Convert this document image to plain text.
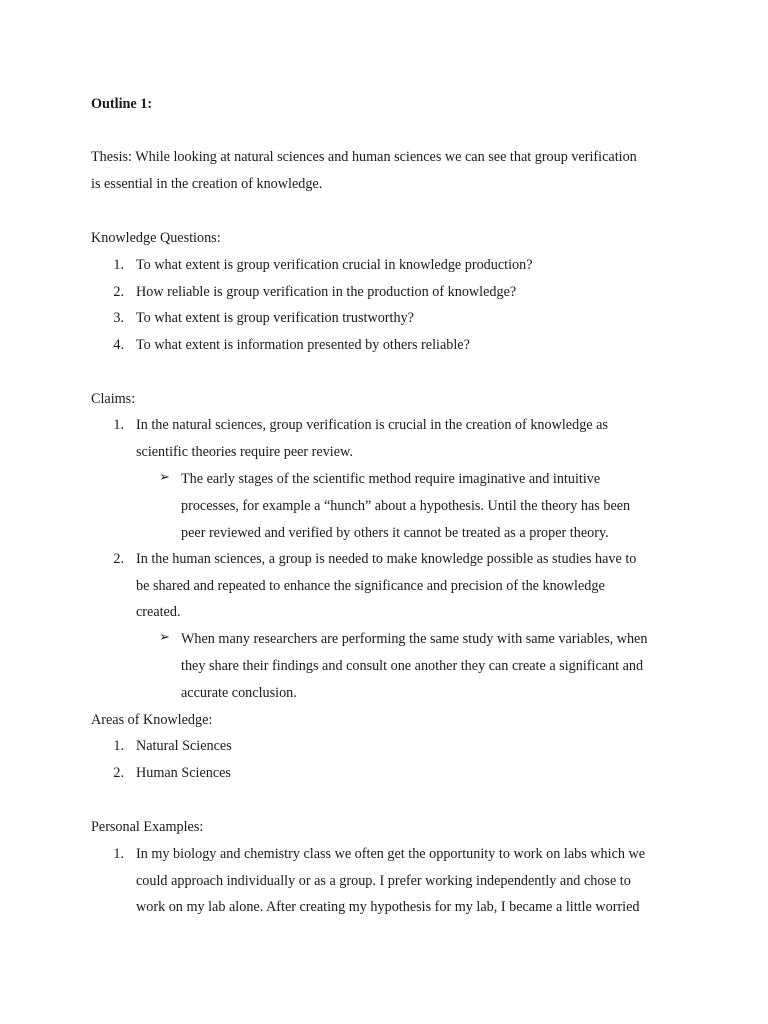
Outline 1:
Thesis: While looking at natural sciences and human sciences we can see that group verification
is essential in the creation of knowledge.
Knowledge Questions:
1. To what extent is group verification crucial in knowledge production?
2. How reliable is group verification in the production of knowledge?
3. To what extent is group verification trustworthy?
4. To what extent is information presented by others reliable?
Claims:
1. In the natural sciences, group verification is crucial in the creation of knowledge as
scientific theories require peer review.
➢ The early stages of the scientific method require imaginative and intuitive
processes, for example a “hunch” about a hypothesis. Until the theory has been
peer reviewed and verified by others it cannot be treated as a proper theory.
2. In the human sciences, a group is needed to make knowledge possible as studies have to
be shared and repeated to enhance the significance and precision of the knowledge
created.
➢ When many researchers are performing the same study with same variables, when
they share their findings and consult one another they can create a significant and
accurate conclusion.
Areas of Knowledge:
1. Natural Sciences
2. Human Sciences
Personal Examples:
1. In my biology and chemistry class we often get the opportunity to work on labs which we
could approach individually or as a group. I prefer working independently and chose to
work on my lab alone. After creating my hypothesis for my lab, I became a little worried
